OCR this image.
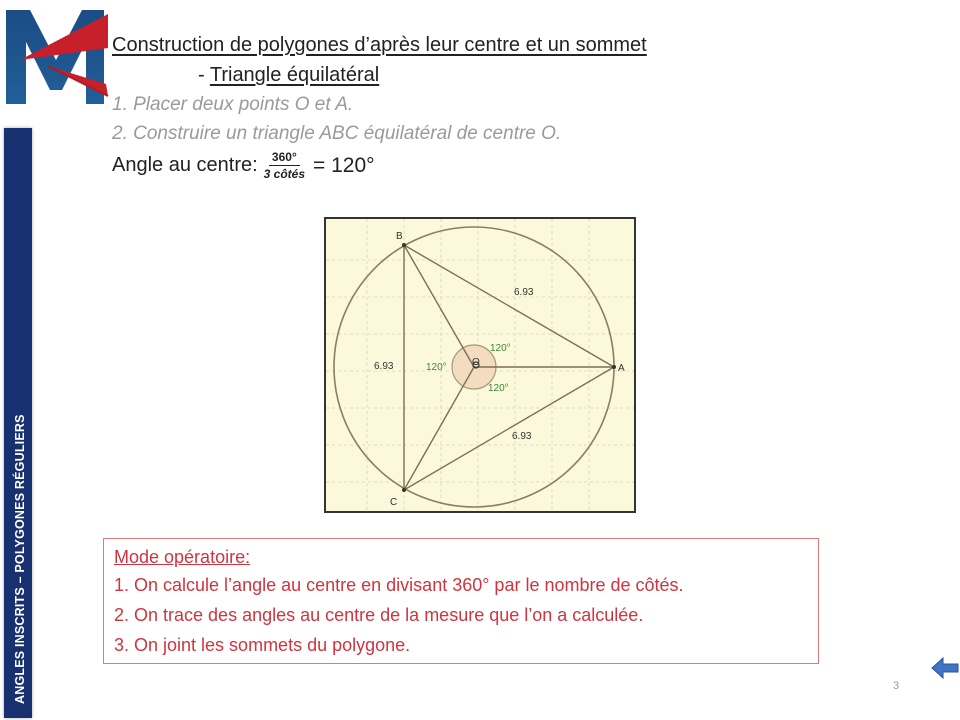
ANGLES INSCRITS – POLYGONES RÉGULIERS
Construction de polygones d’après leur centre et un sommet
- Triangle équilatéral
1. Placer deux points O et A.
2. Construire un triangle ABC équilatéral de centre O.
Angle au centre: $\frac{360^\circ}{\text{3 côtés}} = 120^\circ$
B
A
C
O
6.93
6.93
6.93
120°
120°
120°
Mode opératoire:
1. On calcule l’angle au centre en divisant 360° par le nombre de côtés.
2. On trace des angles au centre de la mesure que l’on a calculée.
3. On joint les sommets du polygone.
3
